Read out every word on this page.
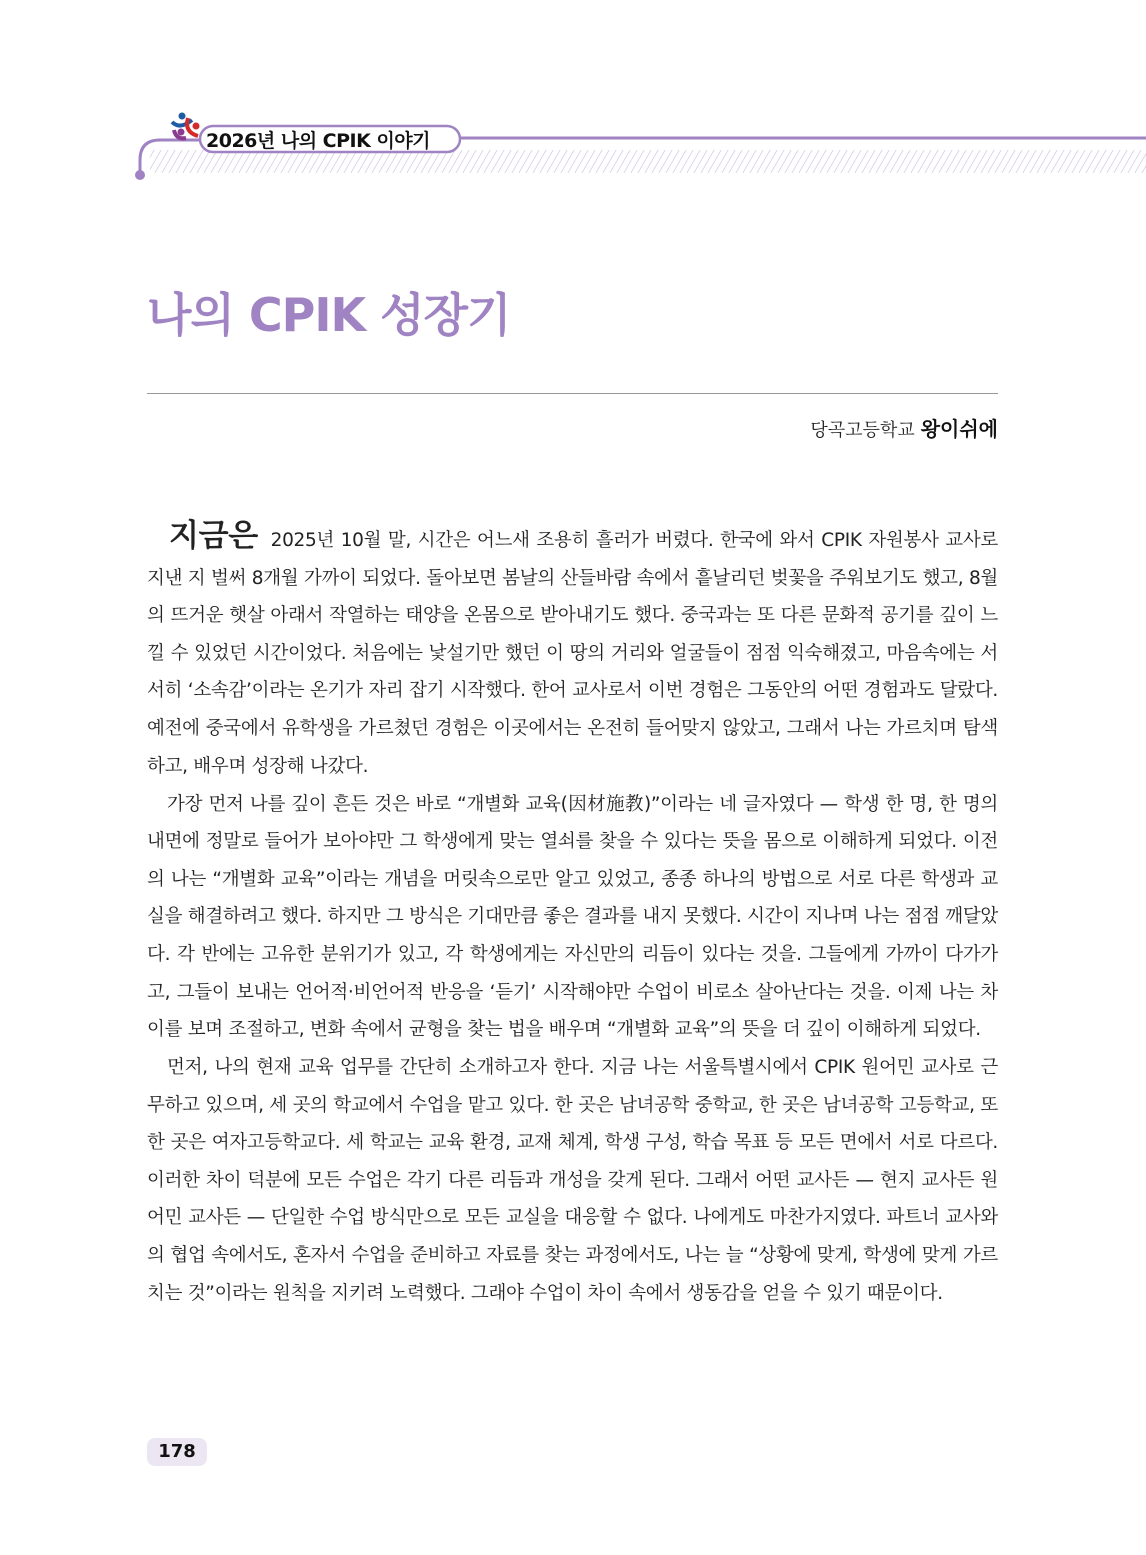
2026년 나의 CPIK 이야기
나의 CPIK 성장기
당곡고등학교 왕이쉬에

지금은 2025년 10월 말, 시간은 어느새 조용히 흘러가 버렸다. 한국에 와서 CPIK 자원봉사 교사로 지낸 지 벌써 8개월 가까이 되었다. 돌아보면 봄날의 산들바람 속에서 흩날리던 벚꽃을 주워보기도 했고, 8월의 뜨거운 햇살 아래서 작열하는 태양을 온몸으로 받아내기도 했다. 중국과는 또 다른 문화적 공기를 깊이 느낄 수 있었던 시간이었다. 처음에는 낯설기만 했던 이 땅의 거리와 얼굴들이 점점 익숙해졌고, 마음속에는 서서히 ‘소속감’이라는 온기가 자리 잡기 시작했다. 한어 교사로서 이번 경험은 그동안의 어떤 경험과도 달랐다. 예전에 중국에서 유학생을 가르쳤던 경험은 이곳에서는 온전히 들어맞지 않았고, 그래서 나는 가르치며 탐색하고, 배우며 성장해 나갔다.

가장 먼저 나를 깊이 흔든 것은 바로 “개별화 교육(因材施教)”이라는 네 글자였다 — 학생 한 명, 한 명의 내면에 정말로 들어가 보아야만 그 학생에게 맞는 열쇠를 찾을 수 있다는 뜻을 몸으로 이해하게 되었다. 이전의 나는 “개별화 교육”이라는 개념을 머릿속으로만 알고 있었고, 종종 하나의 방법으로 서로 다른 학생과 교실을 해결하려고 했다. 하지만 그 방식은 기대만큼 좋은 결과를 내지 못했다. 시간이 지나며 나는 점점 깨달았다. 각 반에는 고유한 분위기가 있고, 각 학생에게는 자신만의 리듬이 있다는 것을. 그들에게 가까이 다가가고, 그들이 보내는 언어적·비언어적 반응을 ‘듣기’ 시작해야만 수업이 비로소 살아난다는 것을. 이제 나는 차이를 보며 조절하고, 변화 속에서 균형을 찾는 법을 배우며 “개별화 교육”의 뜻을 더 깊이 이해하게 되었다.

먼저, 나의 현재 교육 업무를 간단히 소개하고자 한다. 지금 나는 서울특별시에서 CPIK 원어민 교사로 근무하고 있으며, 세 곳의 학교에서 수업을 맡고 있다. 한 곳은 남녀공학 중학교, 한 곳은 남녀공학 고등학교, 또 한 곳은 여자고등학교다. 세 학교는 교육 환경, 교재 체계, 학생 구성, 학습 목표 등 모든 면에서 서로 다르다. 이러한 차이 덕분에 모든 수업은 각기 다른 리듬과 개성을 갖게 된다. 그래서 어떤 교사든 — 현지 교사든 원어민 교사든 — 단일한 수업 방식만으로 모든 교실을 대응할 수 없다. 나에게도 마찬가지였다. 파트너 교사와의 협업 속에서도, 혼자서 수업을 준비하고 자료를 찾는 과정에서도, 나는 늘 “상황에 맞게, 학생에 맞게 가르치는 것”이라는 원칙을 지키려 노력했다. 그래야 수업이 차이 속에서 생동감을 얻을 수 있기 때문이다.

178
